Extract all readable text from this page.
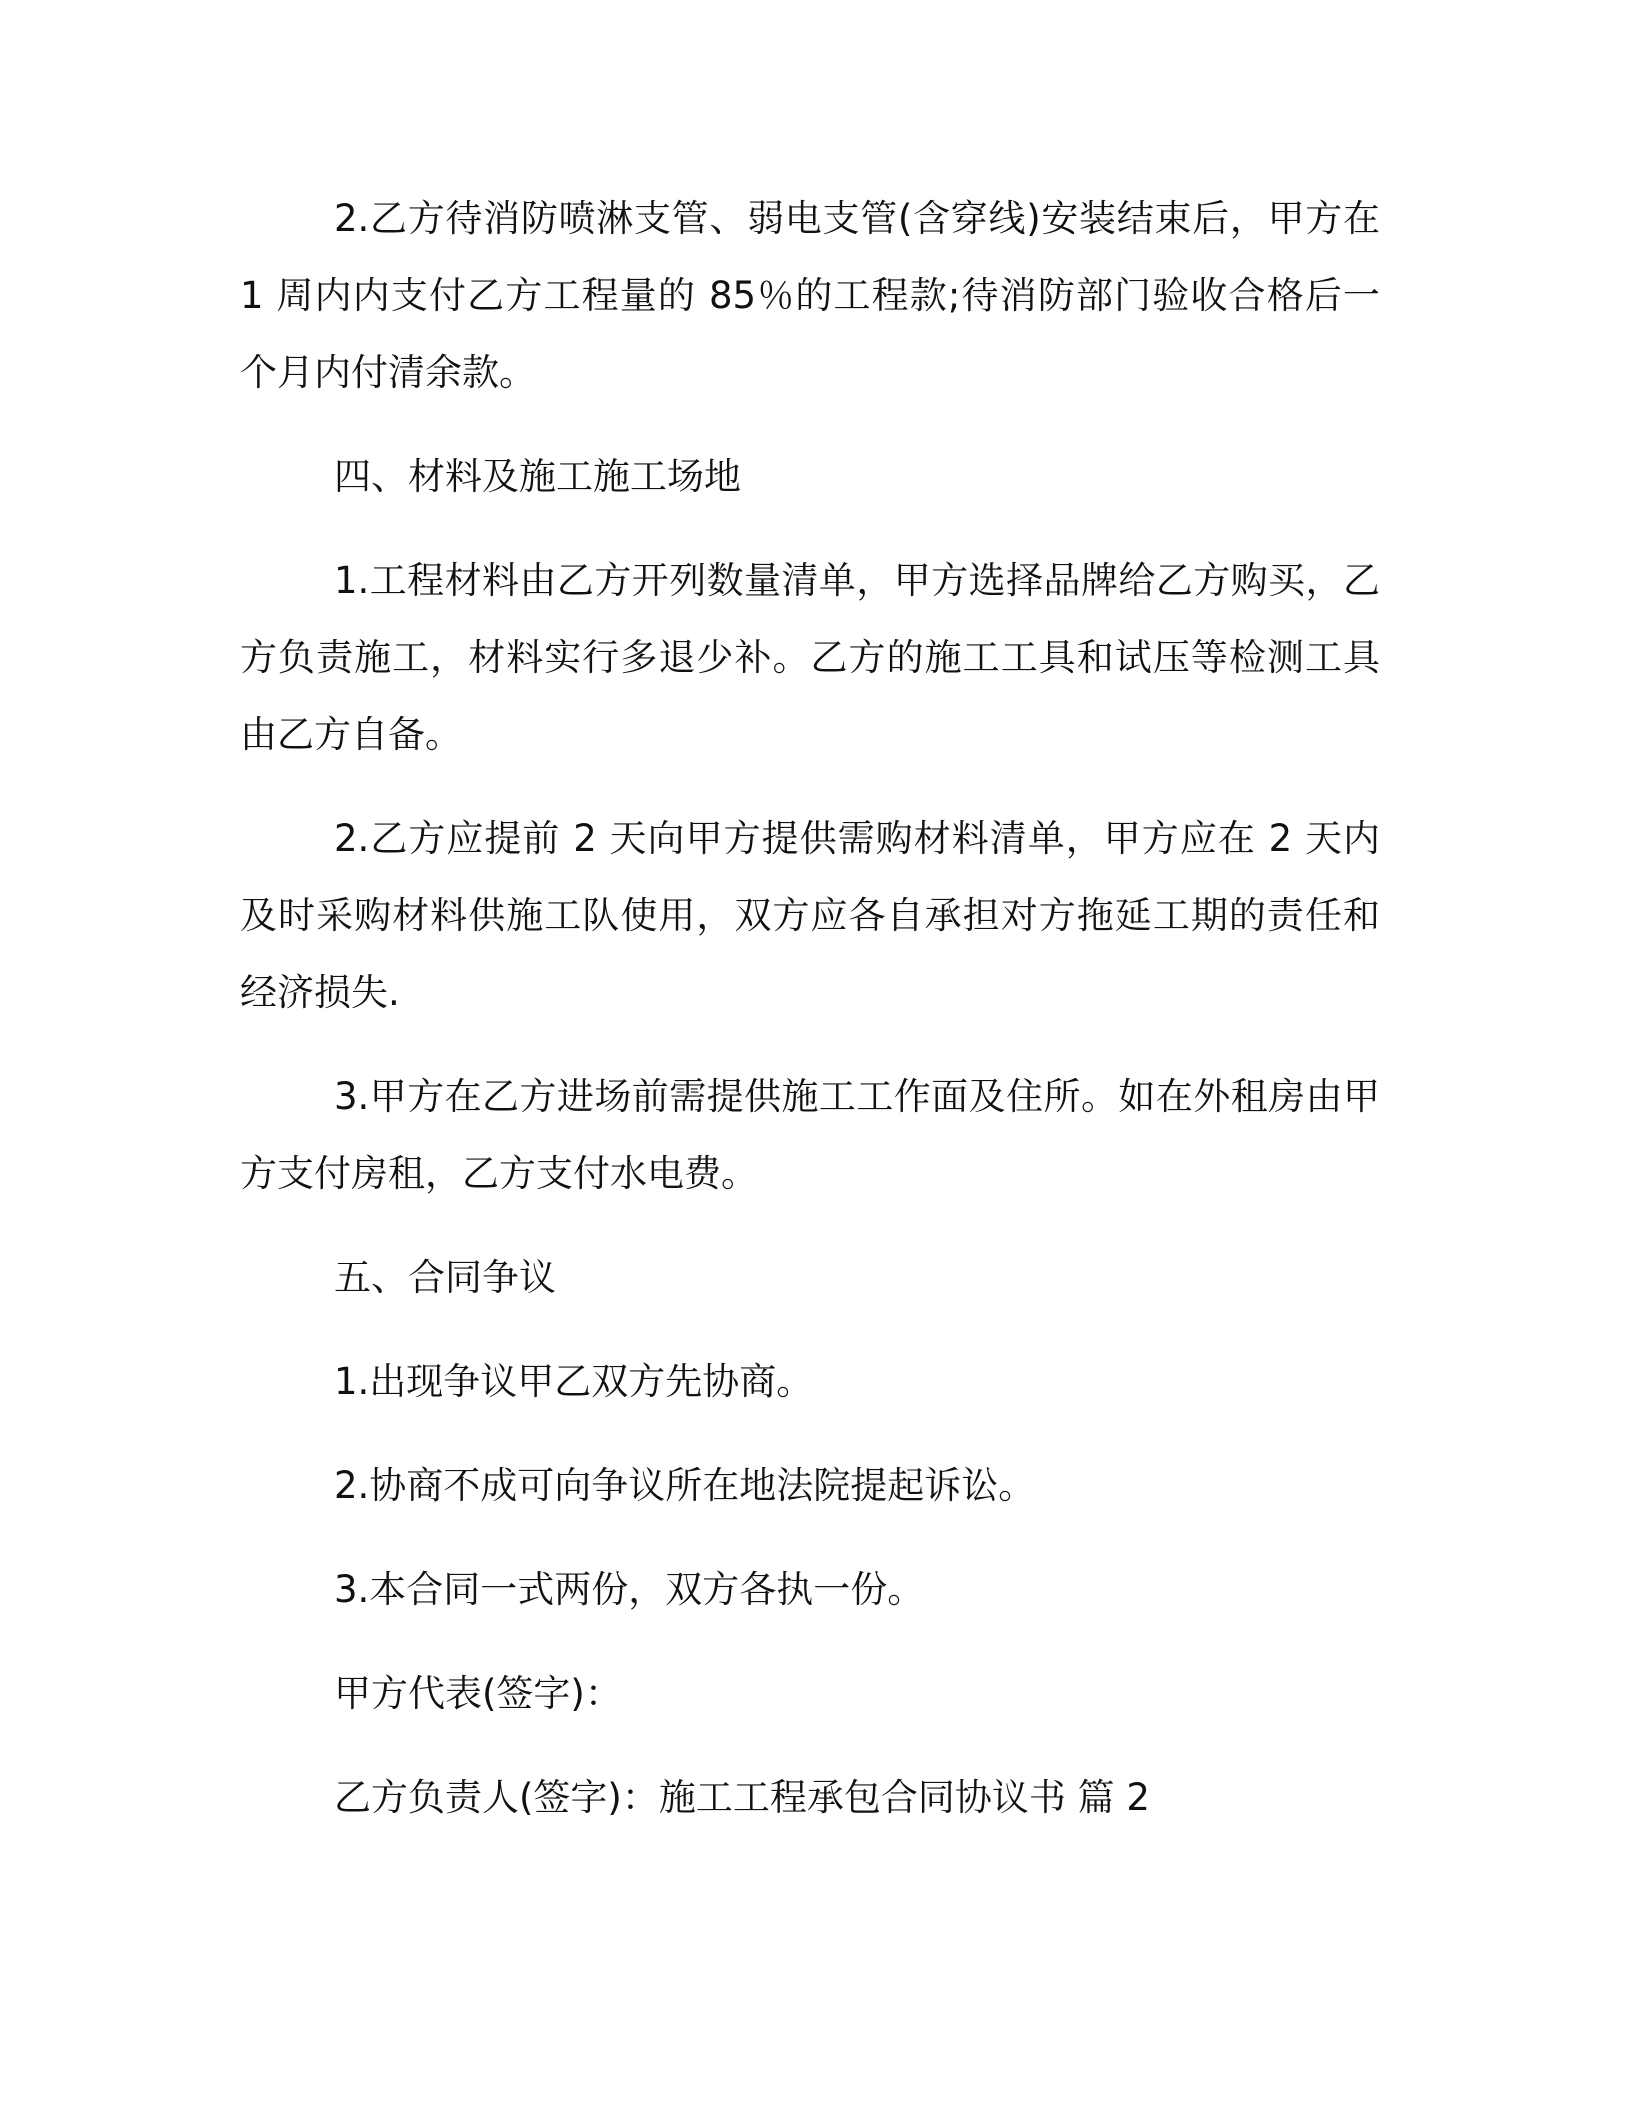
2.乙方待消防喷淋支管、弱电支管(含穿线)安装结束后，甲方在 1 周内内支付乙方工程量的 85％的工程款;待消防部门验收合格后一个月内付清余款。

四、材料及施工施工场地

1.工程材料由乙方开列数量清单，甲方选择品牌给乙方购买，乙方负责施工，材料实行多退少补。乙方的施工工具和试压等检测工具由乙方自备。

2.乙方应提前 2 天向甲方提供需购材料清单，甲方应在 2 天内及时采购材料供施工队使用，双方应各自承担对方拖延工期的责任和经济损失.

3.甲方在乙方进场前需提供施工工作面及住所。如在外租房由甲方支付房租，乙方支付水电费。

五、合同争议

1.出现争议甲乙双方先协商。

2.协商不成可向争议所在地法院提起诉讼。

3.本合同一式两份，双方各执一份。

甲方代表(签字)：

乙方负责人(签字)：施工工程承包合同协议书 篇 2
